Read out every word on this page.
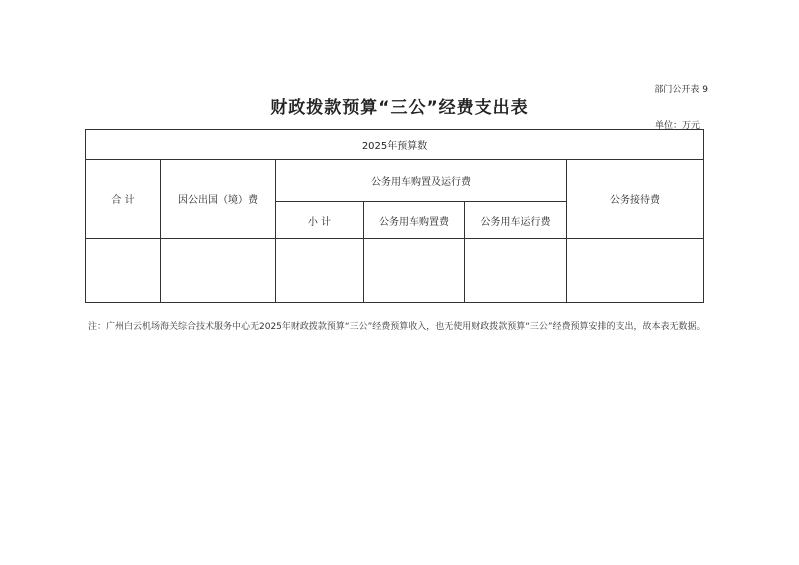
部门公开表 9
财政拨款预算“三公”经费支出表
单位：万元
2025年预算数					
合 计	因公出国（境）费	公务用车购置及运行费			公务接待费
		小 计	公务用车购置费	公务用车运行费	

注：广州白云机场海关综合技术服务中心无2025年财政拨款预算“三公”经费预算收入，也无使用财政拨款预算“三公”经费预算安排的支出，故本表无数据。
